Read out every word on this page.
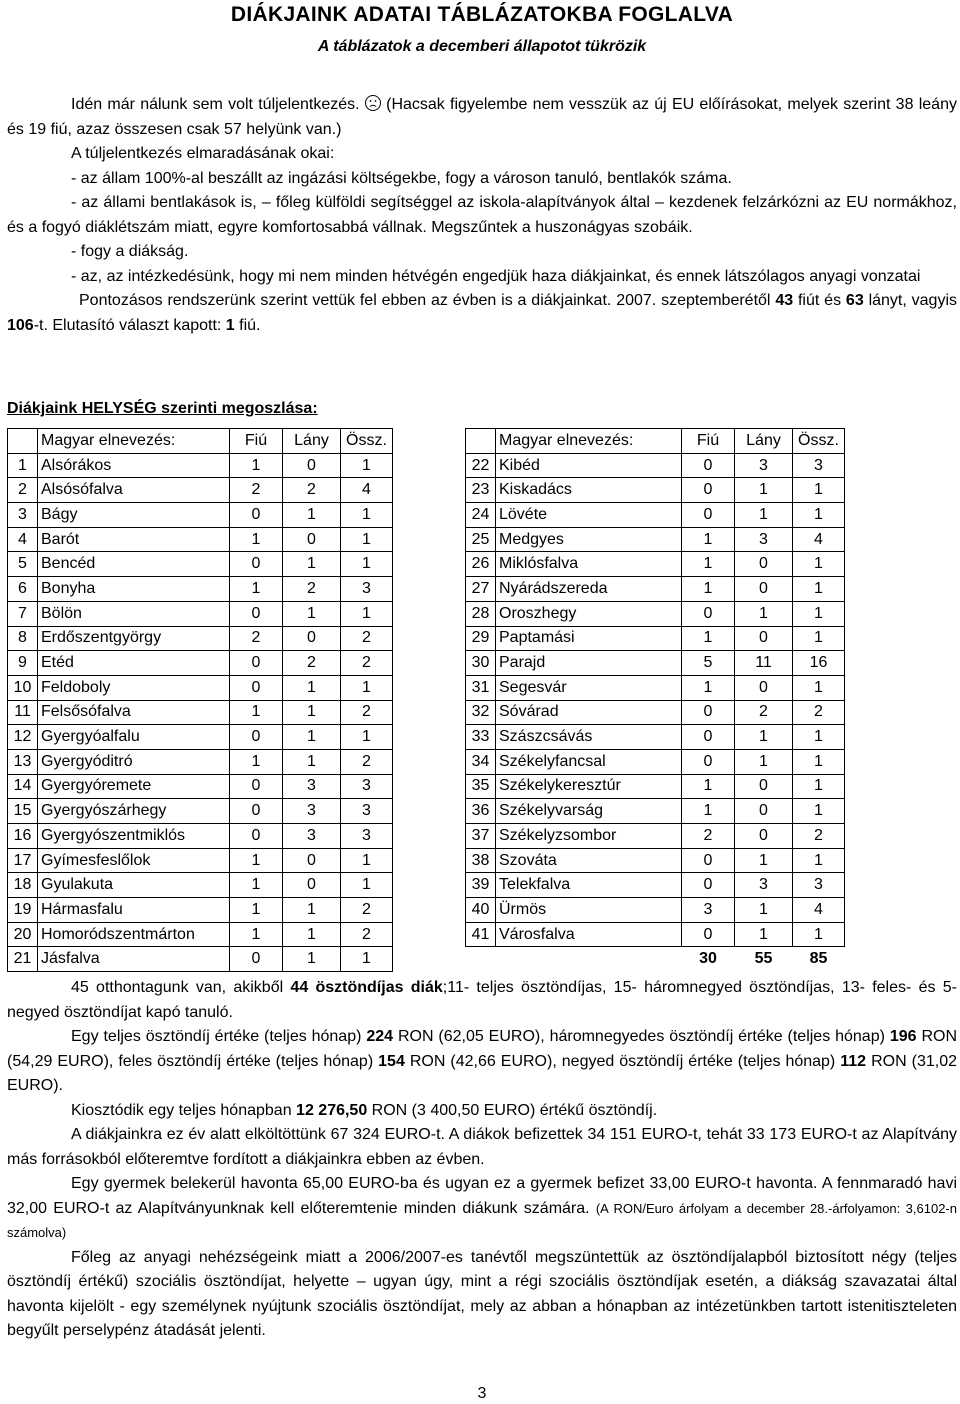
DIÁKJAINK ADATAI TÁBLÁZATOKBA FOGLALVA
A táblázatok a decemberi állapotot tükrözik

Idén már nálunk sem volt túljelentkezés.
(Hacsak figyelembe nem vesszük az új EU előírásokat, melyek szerint 38 leány és 19 fiú, azaz összesen csak 57 helyünk van.)

A túljelentkezés elmaradásának okai:

- az állam 100%-al beszállt az ingázási költségekbe, fogy a városon tanuló, bentlakók száma.

- az állami bentlakások is, – főleg külföldi segítséggel az iskola-alapítványok által – kezdenek felzárkózni az EU normákhoz, és a fogyó diáklétszám miatt, egyre komfortosabbá vállnak. Megszűntek a huszonágyas szobáik.

- fogy a diákság.

- az, az intézkedésünk, hogy mi nem minden hétvégén engedjük haza diákjainkat, és ennek látszólagos anyagi vonzatai

Pontozásos rendszerünk szerint vettük fel ebben az évben is a diákjainkat. 2007. szeptemberétől 43 fiút és 63 lányt, vagyis 106-t. Elutasító választ kapott: 1 fiú.

Diákjaink HELYSÉG szerinti megoszlása:
	Magyar elnevezés:	Fiú	Lány	Össz.
1	Alsórákos	1	0	1
2	Alsósófalva	2	2	4
3	Bágy	0	1	1
4	Barót	1	0	1
5	Bencéd	0	1	1
6	Bonyha	1	2	3
7	Bölön	0	1	1
8	Erdőszentgyörgy	2	0	2
9	Etéd	0	2	2
10	Feldoboly	0	1	1
11	Felsősófalva	1	1	2
12	Gyergyóalfalu	0	1	1
13	Gyergyóditró	1	1	2
14	Gyergyóremete	0	3	3
15	Gyergyószárhegy	0	3	3
16	Gyergyószentmiklós	0	3	3
17	Gyímesfeslőlok	1	0	1
18	Gyulakuta	1	0	1
19	Hármasfalu	1	1	2
20	Homoródszentmárton	1	1	2
21	Jásfalva	0	1	1
	Magyar elnevezés:	Fiú	Lány	Össz.
22	Kibéd	0	3	3
23	Kiskadács	0	1	1
24	Lövéte	0	1	1
25	Medgyes	1	3	4
26	Miklósfalva	1	0	1
27	Nyárádszereda	1	0	1
28	Oroszhegy	0	1	1
29	Paptamási	1	0	1
30	Parajd	5	11	16
31	Segesvár	1	0	1
32	Sóvárad	0	2	2
33	Szászcsávás	0	1	1
34	Székelyfancsal	0	1	1
35	Székelykeresztúr	1	0	1
36	Székelyvarság	1	0	1
37	Székelyzsombor	2	0	2
38	Szováta	0	1	1
39	Telekfalva	0	3	3
40	Ürmös	3	1	4
41	Városfalva	0	1	1
		30	55	85

45 otthontagunk van, akikből 44 ösztöndíjas diák;11- teljes ösztöndíjas, 15- háromnegyed ösztöndíjas, 13- feles- és 5- negyed ösztöndíjat kapó tanuló.

Egy teljes ösztöndíj értéke (teljes hónap) 224 RON (62,05 EURO), háromnegyedes ösztöndíj értéke (teljes hónap) 196 RON (54,29 EURO), feles ösztöndíj értéke (teljes hónap) 154 RON (42,66 EURO), negyed ösztöndíj értéke (teljes hónap) 112 RON (31,02 EURO).

Kiosztódik egy teljes hónapban 12 276,50 RON (3 400,50 EURO) értékű ösztöndíj.

A diákjainkra ez év alatt elköltöttünk 67 324 EURO-t. A diákok befizettek 34 151 EURO-t, tehát 33 173 EURO-t az Alapítvány más forrásokból előteremtve fordított a diákjainkra ebben az évben.

Egy gyermek belekerül havonta 65,00 EURO-ba és ugyan ez a gyermek befizet 33,00 EURO-t havonta. A fennmaradó havi 32,00 EURO-t az Alapítványunknak kell előteremtenie minden diákunk számára. (A RON/Euro árfolyam a december 28.-árfolyamon: 3,6102-n számolva)

Főleg az anyagi nehézségeink miatt a 2006/2007-es tanévtől megszüntettük az ösztöndíjalapból biztosított négy (teljes ösztöndíj értékű) szociális ösztöndíjat, helyette – ugyan úgy, mint a régi szociális ösztöndíjak esetén, a diákság szavazatai által havonta kijelölt - egy személynek nyújtunk szociális ösztöndíjat, mely az abban a hónapban az intézetünkben tartott istenitiszteleten begyűlt perselypénz átadását jelenti.

3
